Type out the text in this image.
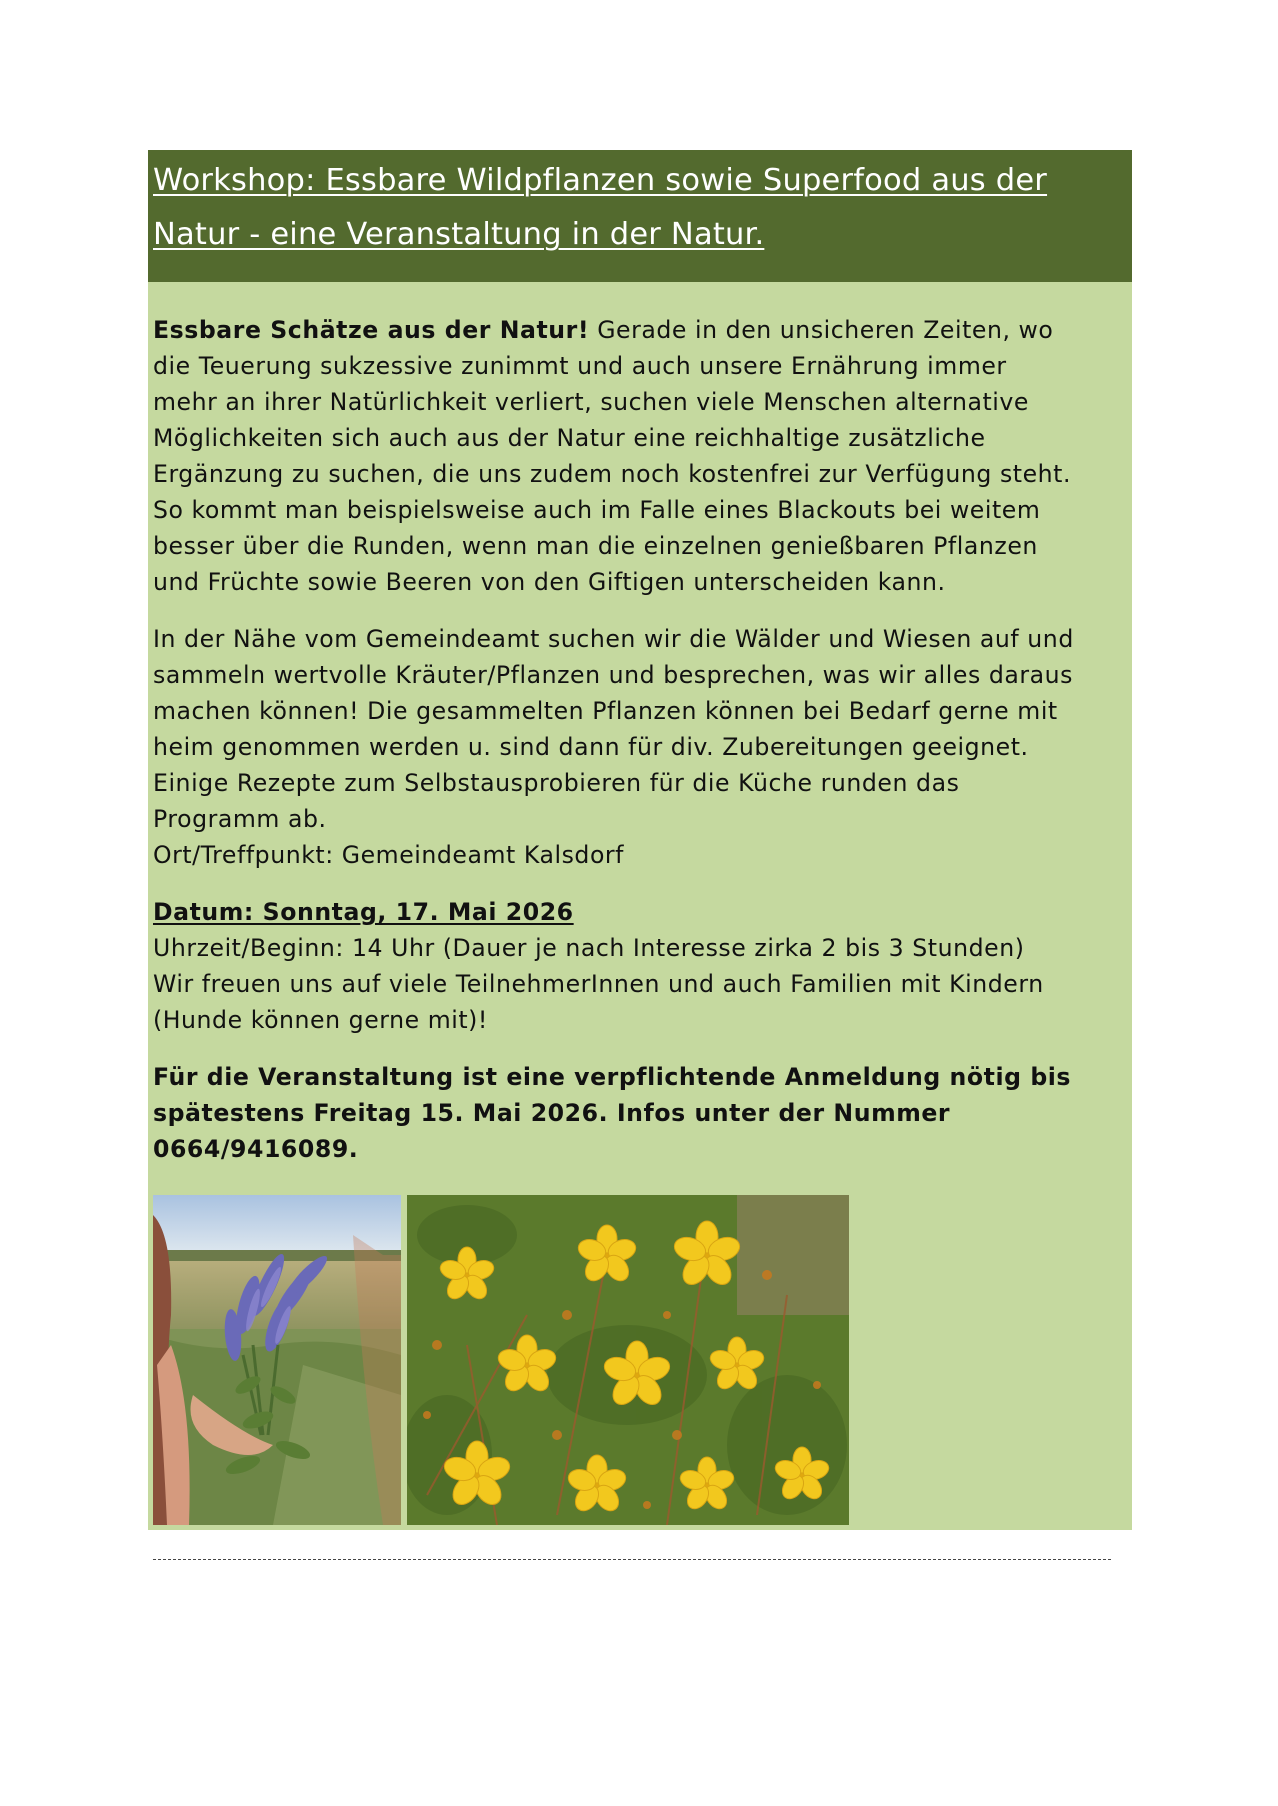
Workshop: Essbare Wildpflanzen sowie Superfood aus der
Natur - eine Veranstaltung in der Natur.

Essbare Schätze aus der Natur! Gerade in den unsicheren Zeiten, wo
die Teuerung sukzessive zunimmt und auch unsere Ernährung immer
mehr an ihrer Natürlichkeit verliert, suchen viele Menschen alternative
Möglichkeiten sich auch aus der Natur eine reichhaltige zusätzliche
Ergänzung zu suchen, die uns zudem noch kostenfrei zur Verfügung steht.
So kommt man beispielsweise auch im Falle eines Blackouts bei weitem
besser über die Runden, wenn man die einzelnen genießbaren Pflanzen
und Früchte sowie Beeren von den Giftigen unterscheiden kann.

In der Nähe vom Gemeindeamt suchen wir die Wälder und Wiesen auf und
sammeln wertvolle Kräuter/Pflanzen und besprechen, was wir alles daraus
machen können! Die gesammelten Pflanzen können bei Bedarf gerne mit
heim genommen werden u. sind dann für div. Zubereitungen geeignet.
Einige Rezepte zum Selbstausprobieren für die Küche runden das
Programm ab.
Ort/Treffpunkt: Gemeindeamt Kalsdorf

Datum: Sonntag, 17. Mai 2026
Uhrzeit/Beginn: 14 Uhr (Dauer je nach Interesse zirka 2 bis 3 Stunden)
Wir freuen uns auf viele TeilnehmerInnen und auch Familien mit Kindern
(Hunde können gerne mit)!

Für die Veranstaltung ist eine verpflichtende Anmeldung nötig bis
spätestens Freitag 15. Mai 2026. Infos unter der Nummer
0664/9416089.
